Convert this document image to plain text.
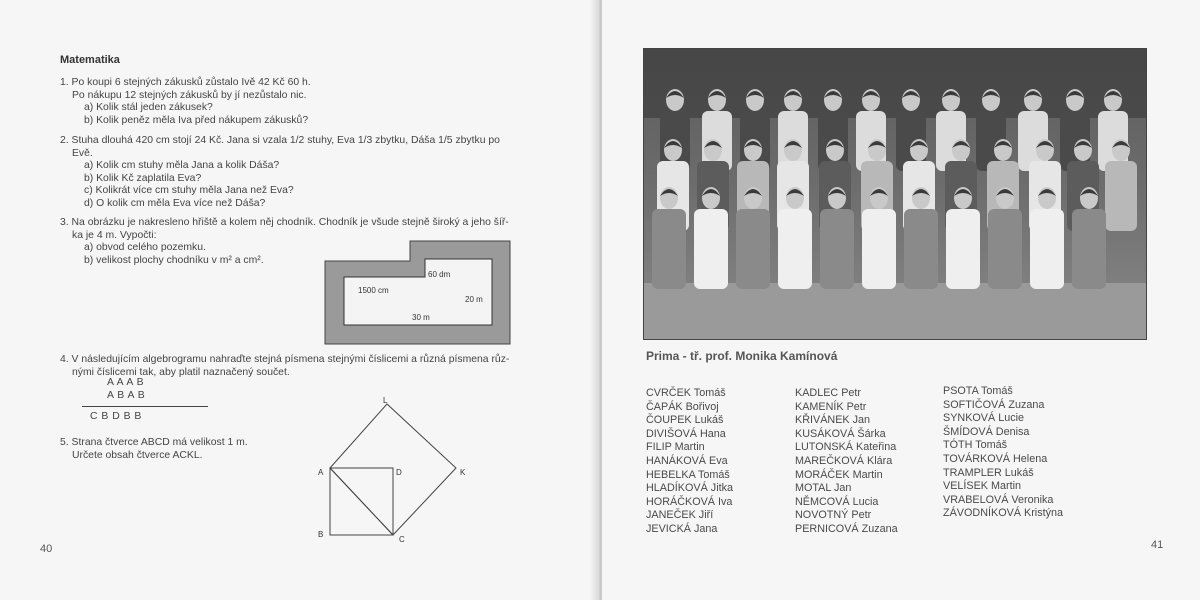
Matematika
1. Po koupi 6 stejných zákusků zůstalo Ivě 42 Kč 60 h.
Po nákupu 12 stejných zákusků by jí nezůstalo nic.
a) Kolik stál jeden zákusek?
b) Kolik peněz měla Iva před nákupem zákusků?
2. Stuha dlouhá 420 cm stojí 24 Kč. Jana si vzala 1/2 stuhy, Eva 1/3 zbytku, Dáša 1/5 zbytku po
Evě.
a) Kolik cm stuhy měla Jana a kolik Dáša?
b) Kolik Kč zaplatila Eva?
c) Kolikrát více cm stuhy měla Jana než Eva?
d) O kolik cm měla Eva více než Dáša?
3. Na obrázku je nakresleno hřiště a kolem něj chodník. Chodník je všude stejně široký a jeho šíř-
ka je 4 m. Vypočti:
a) obvod celého pozemku.
b) velikost plochy chodníku v m² a cm².
60 dm
1500 cm
20 m
30 m
4. V následujícím algebrogramu nahraďte stejná písmena stejnými číslicemi a různá písmena růz-
nými číslicemi tak, aby platil naznačený součet.
A A A B
A B A B
C B D B B
5. Strana čtverce ABCD má velikost 1 m.
Určete obsah čtverce ACKL.
A
B
C
D	K
L
40
Prima - tř. prof. Monika Kamínová
CVRČEK Tomáš
ČAPÁK Bořivoj
ČOUPEK Lukáš
DIVIŠOVÁ Hana
FILIP Martin
HANÁKOVÁ Eva
HEBELKA Tomáš
HLADÍKOVÁ Jitka
HORÁČKOVÁ Iva
JANEČEK Jiří
JEVICKÁ Jana
KADLEC Petr
KAMENÍK Petr
KŘIVÁNEK Jan
KUSÁKOVÁ Šárka
LUTONSKÁ Kateřina
MAREČKOVÁ Klára
MORÁČEK Martin
MOTAL Jan
NĚMCOVÁ Lucia
NOVOTNÝ Petr
PERNICOVÁ Zuzana
PSOTA Tomáš
SOFTIČOVÁ Zuzana
SYNKOVÁ Lucie
ŠMÍDOVÁ Denisa
TÓTH Tomáš
TOVÁRKOVÁ Helena
TRAMPLER Lukáš
VELÍSEK Martin
VRABELOVÁ Veronika
ZÁVODNÍKOVÁ Kristýna
41
